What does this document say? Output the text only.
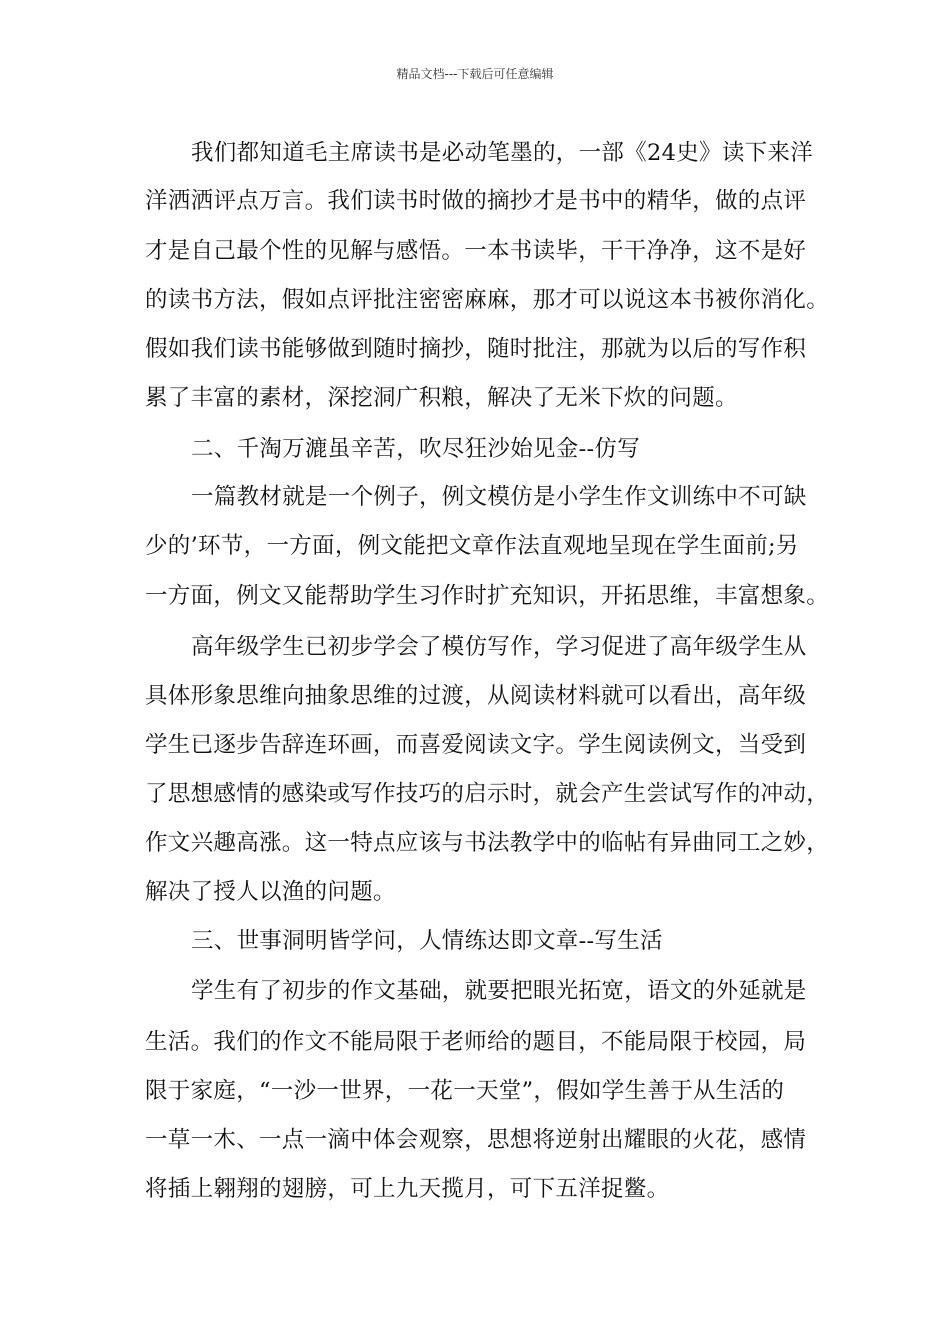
精品文档---下载后可任意编辑
我们都知道毛主席读书是必动笔墨的，一部《24史》读下来洋
洋洒洒评点万言。我们读书时做的摘抄才是书中的精华，做的点评
才是自己最个性的见解与感悟。一本书读毕，干干净净，这不是好
的读书方法，假如点评批注密密麻麻，那才可以说这本书被你消化。
假如我们读书能够做到随时摘抄，随时批注，那就为以后的写作积
累了丰富的素材，深挖洞广积粮，解决了无米下炊的问题。
二、千淘万漉虽辛苦，吹尽狂沙始见金--仿写
一篇教材就是一个例子，例文模仿是小学生作文训练中不可缺
少的’环节，一方面，例文能把文章作法直观地呈现在学生面前;另
一方面，例文又能帮助学生习作时扩充知识，开拓思维，丰富想象。
高年级学生已初步学会了模仿写作，学习促进了高年级学生从
具体形象思维向抽象思维的过渡，从阅读材料就可以看出，高年级
学生已逐步告辞连环画，而喜爱阅读文字。学生阅读例文，当受到
了思想感情的感染或写作技巧的启示时，就会产生尝试写作的冲动，
作文兴趣高涨。这一特点应该与书法教学中的临帖有异曲同工之妙，
解决了授人以渔的问题。
三、世事洞明皆学问，人情练达即文章--写生活
学生有了初步的作文基础，就要把眼光拓宽，语文的外延就是
生活。我们的作文不能局限于老师给的题目，不能局限于校园，局
限于家庭，“一沙一世界，一花一天堂”，假如学生善于从生活的
一草一木、一点一滴中体会观察，思想将逆射出耀眼的火花，感情
将插上翱翔的翅膀，可上九天揽月，可下五洋捉鳖。
